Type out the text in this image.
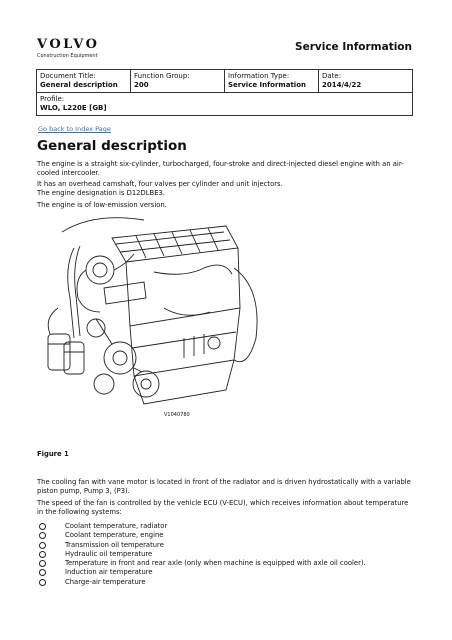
VOLVO
Construction Equipment
Service Information
Document Title:
General description

Function Group:
200

Information Type:
Service Information

Date:
2014/4/22

Profile:
WLO, L220E [GB]
Go back to Index Page
General description
The engine is a straight six-cylinder, turbocharged, four-stroke and direct-injected diesel engine with an air-cooled intercooler.
It has an overhead camshaft, four valves per cylinder and unit injectors.
The engine designation is D12DLBE3.
The engine is of low-emission version.
V1040780
Figure 1
The cooling fan with vane motor is located in front of the radiator and is driven hydrostatically with a variable piston pump, Pump 3, (P3).
The speed of the fan is controlled by the vehicle ECU (V-ECU), which receives information about temperature in the following systems:
Coolant temperature, radiator
Coolant temperature, engine
Transmission oil temperature
Hydraulic oil temperature
Temperature in front and rear axle (only when machine is equipped with axle oil cooler).
Induction air temperature
Charge-air temperature
